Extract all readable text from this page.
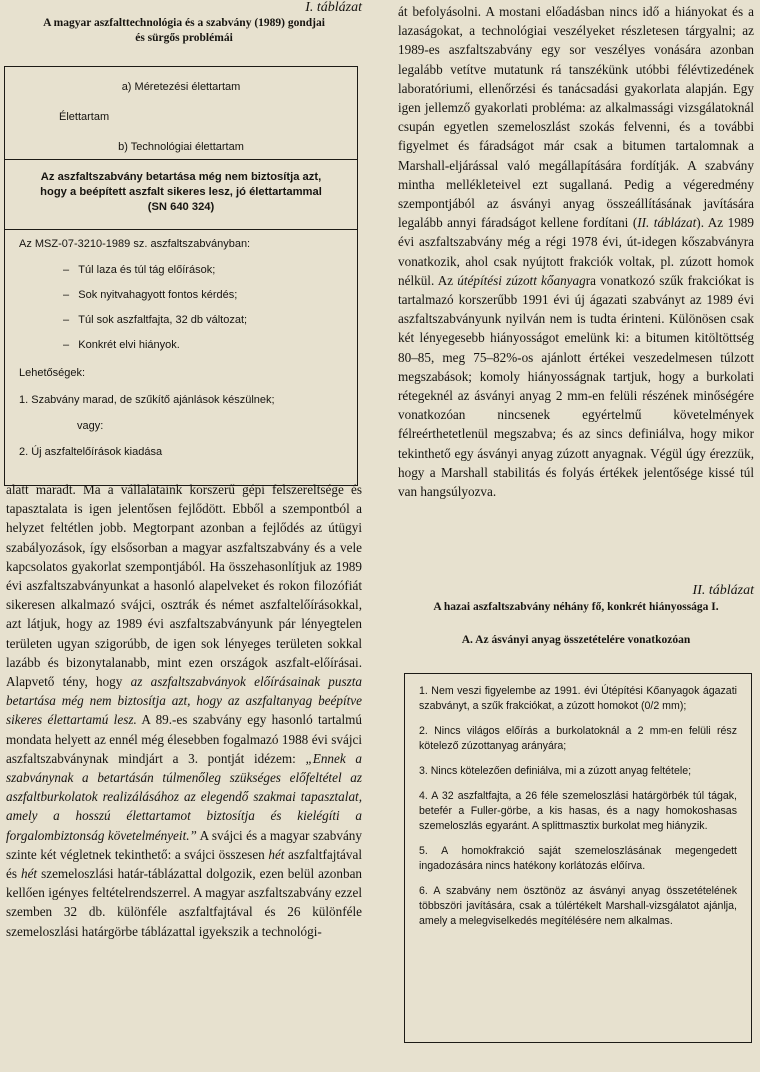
I. táblázat
A magyar aszfalttechnológia és a szabvány (1989) gondjai
és sürgős problémái
a) Méretezési élettartam
Élettartam
b) Technológiai élettartam
Az aszfaltszabvány betartása még nem biztosítja azt,
hogy a beépített aszfalt sikeres lesz, jó élettartammal
(SN 640 324)
Az MSZ-07-3210-1989 sz. aszfaltszabványban:
–   Túl laza és túl tág előírások;
–   Sok nyitvahagyott fontos kérdés;
–   Túl sok aszfaltfajta, 32 db változat;
–   Konkrét elvi hiányok.
Lehetőségek:
1. Szabvány marad, de szűkítő ajánlások készülnek;
vagy:
2. Új aszfaltelőírások kiadása

alatt maradt. Ma a vállalataink korszerű gépi felszereltsége és tapasztalata is igen jelentősen fejlődött. Ebből a szempontból a helyzet feltétlen jobb. Megtorpant azonban a fejlődés az útügyi szabályozások, így elsősorban a magyar aszfaltszabvány és a vele kapcsolatos gyakorlat szempontjából. Ha összehasonlítjuk az 1989 évi aszfaltszabványunkat a hasonló alapelveket és rokon filozófiát sikeresen alkalmazó svájci, osztrák és német aszfaltelőírásokkal, azt látjuk, hogy az 1989 évi aszfaltszabványunk pár lényegtelen területen ugyan szigorúbb, de igen sok lényeges területen sokkal lazább és bizonytalanabb, mint ezen országok aszfalt-előírásai. Alapvető tény, hogy az aszfaltszabványok előírásainak puszta betartása még nem biztosítja azt, hogy az aszfaltanyag beépítve sikeres élettartamú lesz. A 89.-es szabvány egy hasonló tartalmú mondata helyett az ennél még élesebben fogalmazó 1988 évi svájci aszfaltszabványnak mindjárt a 3. pontját idézem: „Ennek a szabványnak a betartásán túlmenőleg szükséges előfeltétel az aszfaltburkolatok realizálásához az elegendő szakmai tapasztalat, amely a hosszú élettartamot biztosítja és kielégíti a forgalombiztonság követelményeit.” A svájci és a magyar szabvány szinte két végletnek tekinthető: a svájci összesen hét aszfaltfajtával és hét szemeloszlási határ-táblázattal dolgozik, ezen belül azonban kellően igényes feltételrendszerrel. A magyar aszfaltszabvány ezzel szemben 32 db. különféle aszfaltfajtával és 26 különféle szemeloszlási határgörbe táblázattal igyekszik a technológi-

át befolyásolni. A mostani előadásban nincs idő a hiányokat és a lazaságokat, a technológiai veszélyeket részletesen tárgyalni; az 1989-es aszfaltszabvány egy sor veszélyes vonására azonban legalább vetítve mutatunk rá tanszékünk utóbbi félévtizedének laboratóriumi, ellenőrzési és tanácsadási gyakorlata alapján. Egy igen jellemző gyakorlati probléma: az alkalmassági vizsgálatoknál csupán egyetlen szemeloszlást szokás felvenni, és a további figyelmet és fáradságot már csak a bitumen tartalomnak a Marshall-eljárással való megállapítására fordítják. A szabvány mintha mellékleteivel ezt sugallaná. Pedig a végeredmény szempontjából az ásványi anyag összeállításának javítására legalább annyi fáradságot kellene fordítani (II. táblázat). Az 1989 évi aszfaltszabvány még a régi 1978 évi, út-idegen kőszabványra vonatkozik, ahol csak nyújtott frakciók voltak, pl. zúzott homok nélkül. Az útépítési zúzott kőanyagra vonatkozó szűk frakciókat is tartalmazó korszerűbb 1991 évi új ágazati szabványt az 1989 évi aszfaltszabványunk nyilván nem is tudta érinteni. Különösen csak két lényegesebb hiányosságot emelünk ki: a bitumen kitöltöttség 80–85, meg 75–82%-os ajánlott értékei veszedelmesen túlzott megszabások; komoly hiányosságnak tartjuk, hogy a burkolati rétegeknél az ásványi anyag 2 mm-en felüli részének minőségére vonatkozóan nincsenek egyértelmű követelmények félreérthetetlenül megszabva; és az sincs definiálva, hogy mikor tekinthető egy ásványi anyag zúzott anyagnak. Végül úgy érezzük, hogy a Marshall stabilitás és folyás értékek jelentősége kissé túl van hangsúlyozva.

II. táblázat
A hazai aszfaltszabvány néhány fő, konkrét hiányossága I.
A. Az ásványi anyag összetételére vonatkozóan
1. Nem veszi figyelembe az 1991. évi Útépítési Kőanyagok ágazati szabványt, a szűk frakciókat, a zúzott homokot (0/2 mm);
2. Nincs világos előírás a burkolatoknál a 2 mm-en felüli rész kötelező zúzottanyag arányára;
3. Nincs kötelezően definiálva, mi a zúzott anyag feltétele;
4. A 32 aszfaltfajta, a 26 féle szemeloszlási határgörbék túl tágak, betefér a Fuller-görbe, a kis hasas, és a nagy homokoshasas szemeloszlás egyaránt. A splittmasztix burkolat meg hiányzik.
5. A homokfrakció saját szemeloszlásának megengedett ingadozására nincs hatékony korlátozás előírva.
6. A szabvány nem ösztönöz az ásványi anyag összetételének többszöri javítására, csak a túlértékelt Marshall-vizsgálatot ajánlja, amely a melegviselkedés megítélésére nem alkalmas.
